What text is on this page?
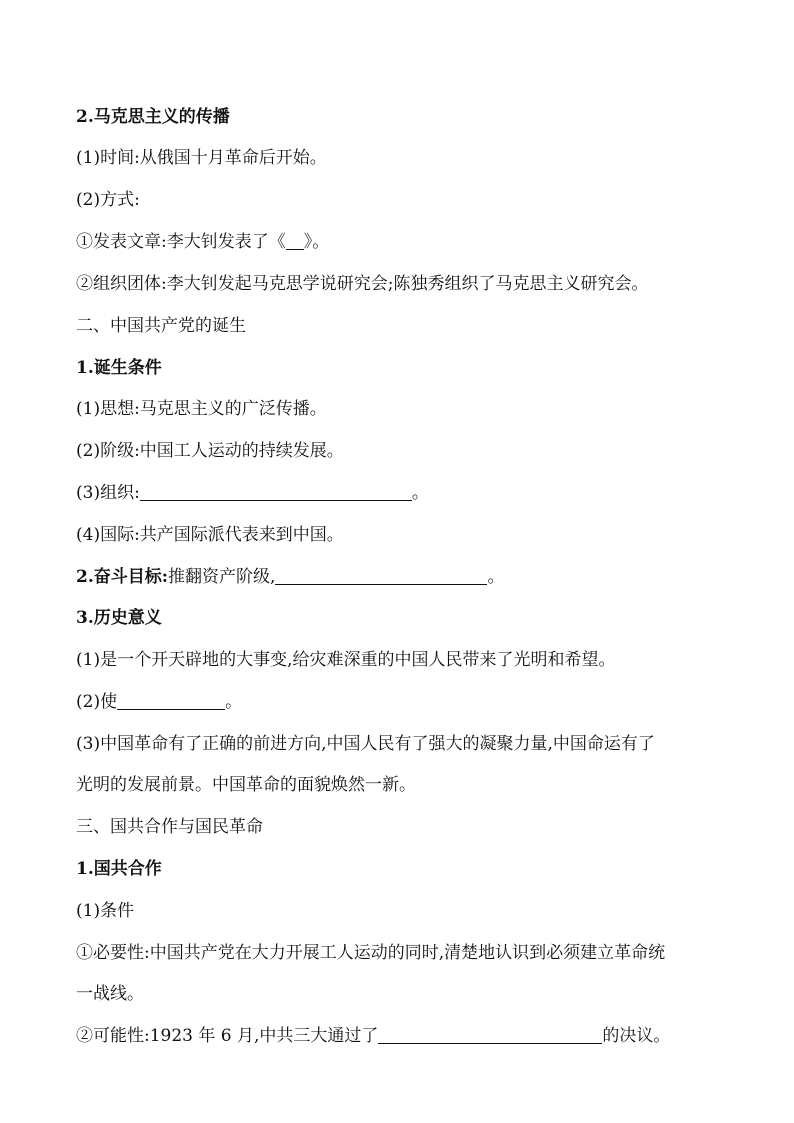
2.马克思主义的传播
(1)时间:从俄国十月革命后开始。
(2)方式:
①发表文章:李大钊发表了《 》。
②组织团体:李大钊发起马克思学说研究会;陈独秀组织了马克思主义研究会。
二、中国共产党的诞生
1.诞生条件
(1)思想:马克思主义的广泛传播。
(2)阶级:中国工人运动的持续发展。
(3)组织:	。
(4)国际:共产国际派代表来到中国。
2.奋斗目标:推翻资产阶级,	。
3.历史意义
(1)是一个开天辟地的大事变,给灾难深重的中国人民带来了光明和希望。
(2)使	。
(3)中国革命有了正确的前进方向,中国人民有了强大的凝聚力量,中国命运有了
光明的发展前景。中国革命的面貌焕然一新。
三、国共合作与国民革命
1.国共合作
(1)条件
①必要性:中国共产党在大力开展工人运动的同时,清楚地认识到必须建立革命统
一战线。
②可能性:1923 年 6 月,中共三大通过了	的决议。
